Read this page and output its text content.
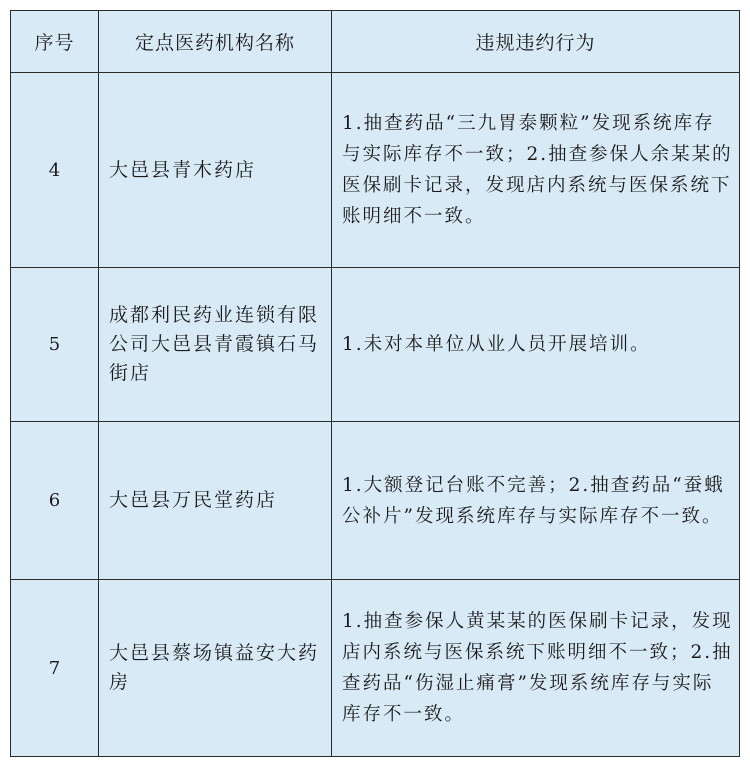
序号	定点医药机构名称	违规违约行为
4	大邑县青木药店	1.抽查药品“三九胃泰颗粒”发现系统库存与实际库存不一致；2.抽查参保人余某某的医保刷卡记录，发现店内系统与医保系统下账明细不一致。
5	成都利民药业连锁有限公司大邑县青霞镇石马街店	1.未对本单位从业人员开展培训。
6	大邑县万民堂药店	1.大额登记台账不完善；2.抽查药品“蚕蛾公补片”发现系统库存与实际库存不一致。
7	大邑县蔡场镇益安大药房	1.抽查参保人黄某某的医保刷卡记录，发现店内系统与医保系统下账明细不一致；2.抽查药品“伤湿止痛膏”发现系统库存与实际库存不一致。
